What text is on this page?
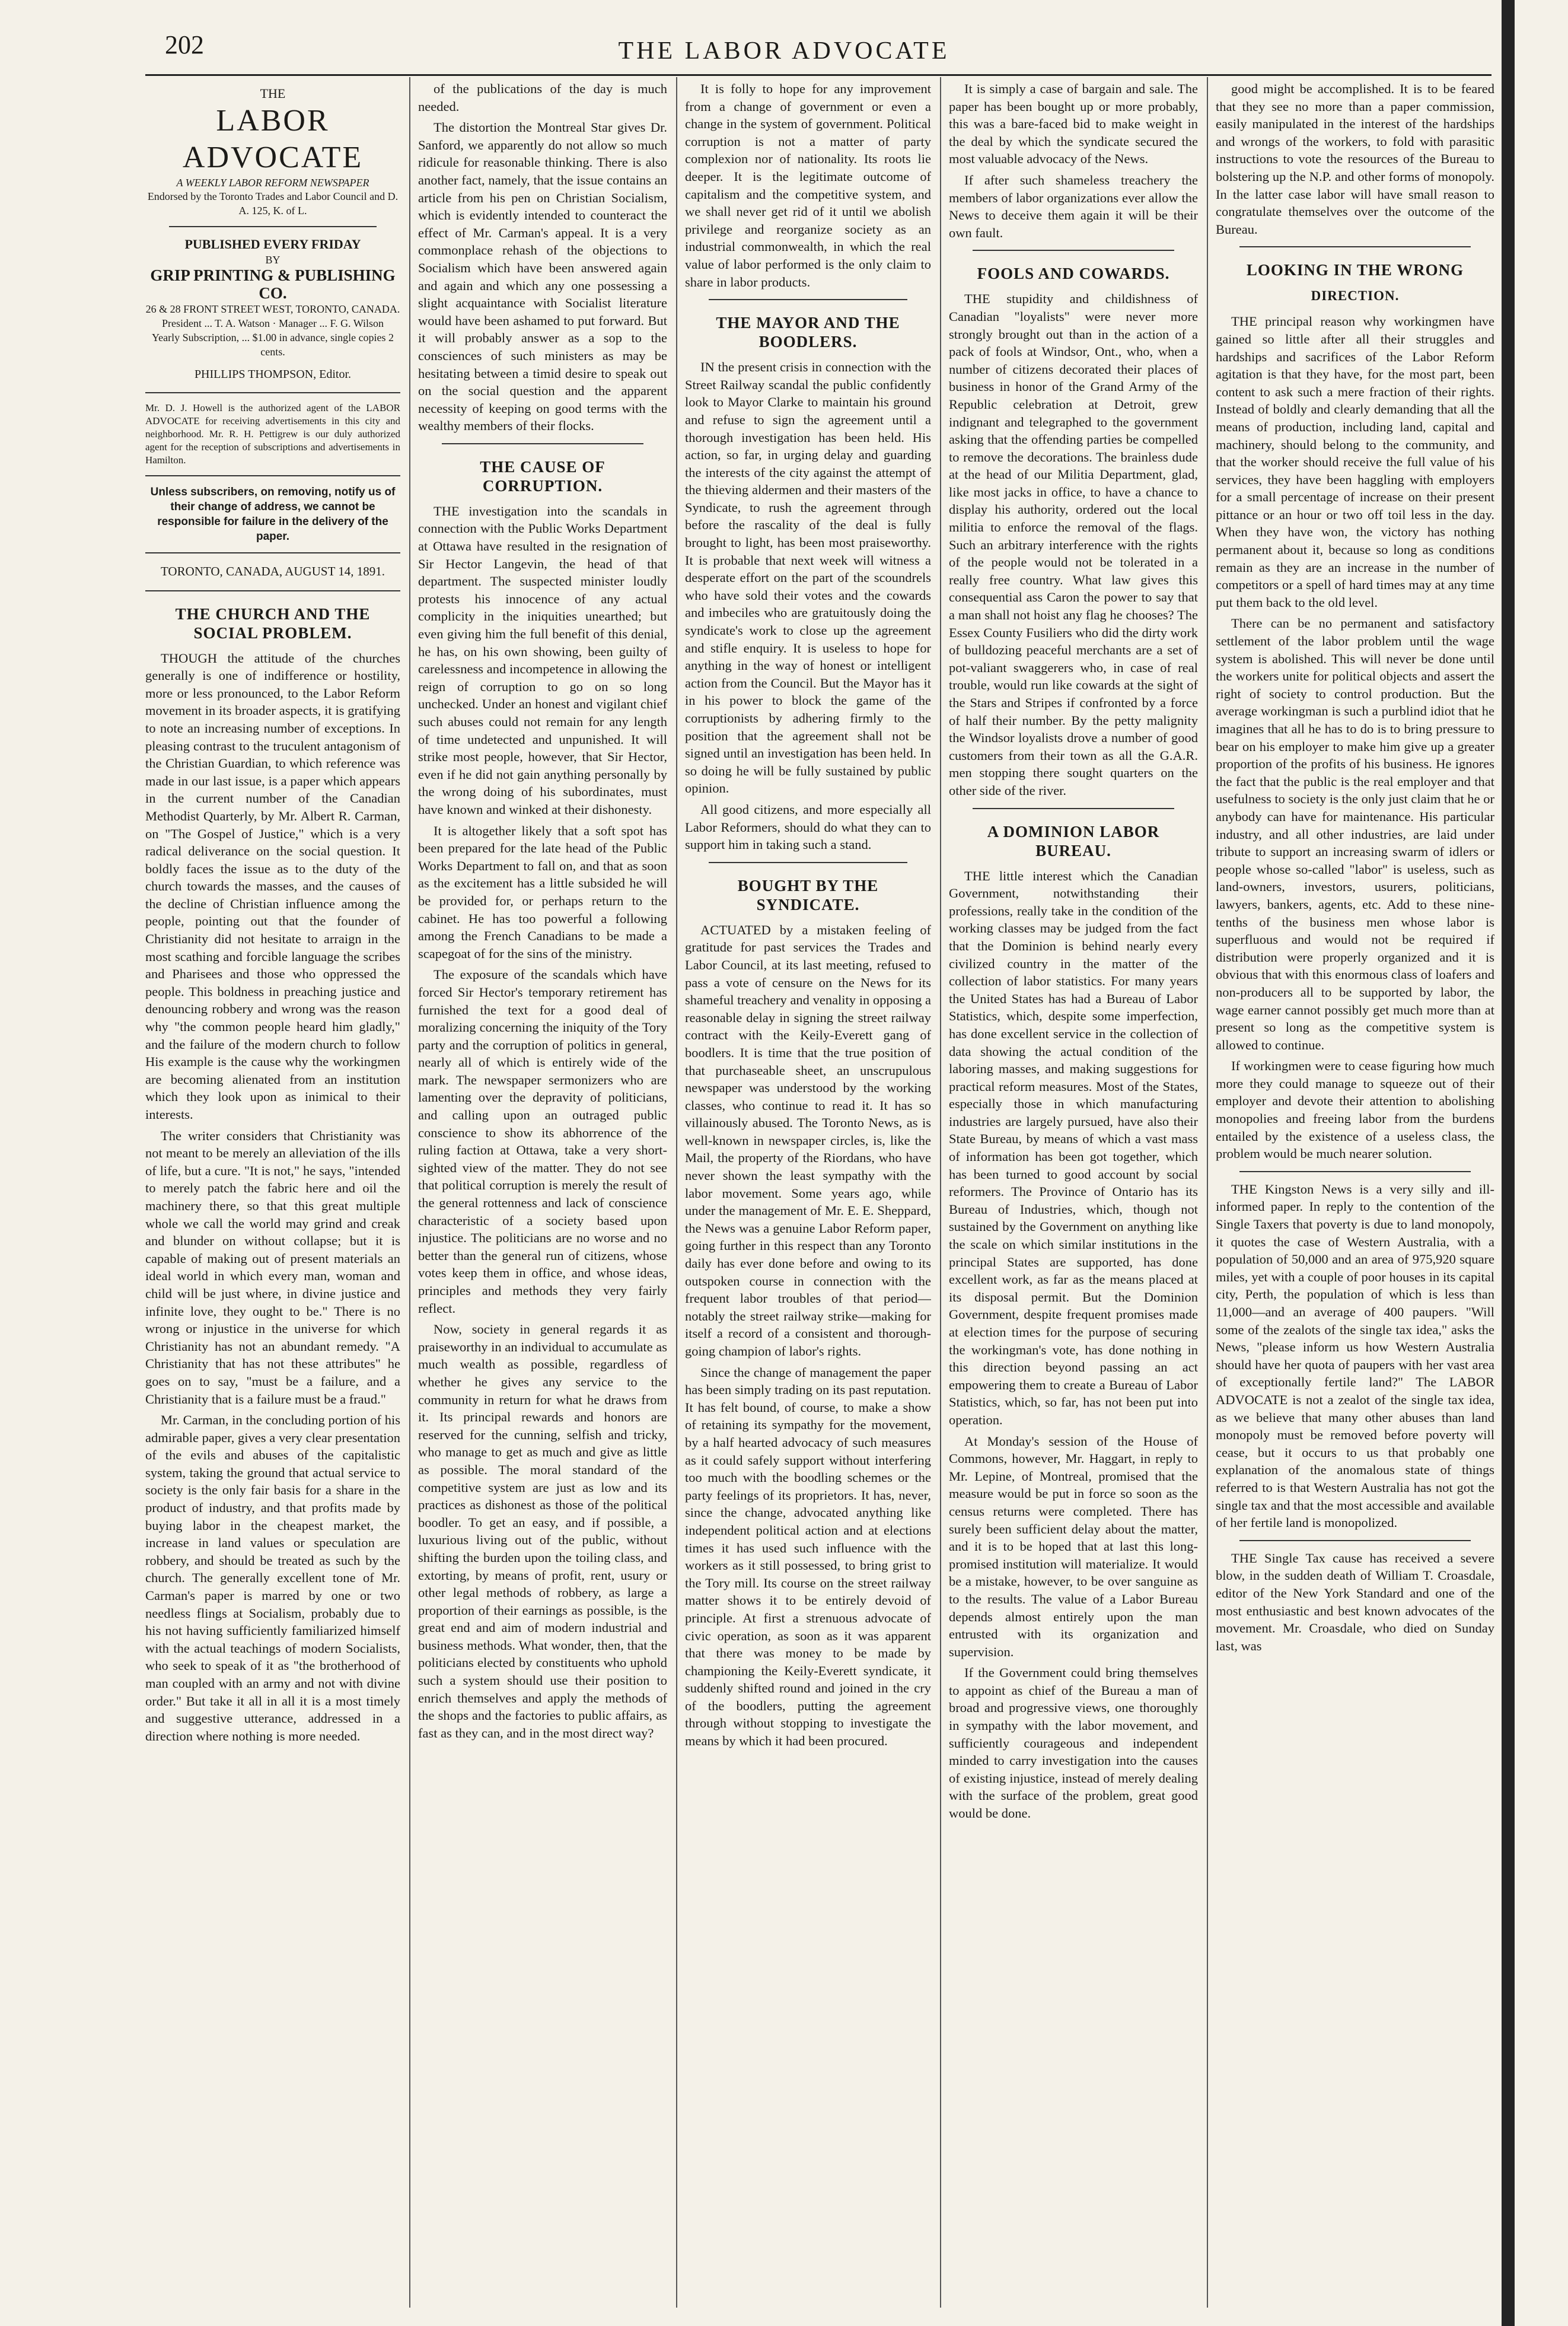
202	THE LABOR ADVOCATE
THE
LABOR ADVOCATE
A WEEKLY LABOR REFORM NEWSPAPER
Endorsed by the Toronto Trades and Labor Council and D. A. 125, K. of L.
PUBLISHED EVERY FRIDAY
BY
GRIP PRINTING & PUBLISHING CO.
26 & 28 FRONT STREET WEST, TORONTO, CANADA.
President ... T. A. Watson · Manager ... F. G. Wilson
Yearly Subscription, ... $1.00 in advance, single copies 2 cents.
PHILLIPS THOMPSON, Editor.
Mr. D. J. Howell is the authorized agent of the LABOR ADVOCATE for receiving advertisements in this city and neighborhood. Mr. R. H. Pettigrew is our duly authorized agent for the reception of subscriptions and advertisements in Hamilton.
Unless subscribers, on removing, notify us of their change of address, we cannot be responsible for failure in the delivery of the paper.
TORONTO, CANADA, AUGUST 14, 1891.
THE CHURCH AND THE SOCIAL PROBLEM.

THOUGH the attitude of the churches generally is one of indifference or hostility, more or less pronounced, to the Labor Reform movement in its broader aspects, it is gratifying to note an increasing number of exceptions. In pleasing contrast to the truculent antagonism of the Christian Guardian, to which reference was made in our last issue, is a paper which appears in the current number of the Canadian Methodist Quarterly, by Mr. Albert R. Carman, on "The Gospel of Justice," which is a very radical deliverance on the social question. It boldly faces the issue as to the duty of the church towards the masses, and the causes of the decline of Christian influence among the people, pointing out that the founder of Christianity did not hesitate to arraign in the most scathing and forcible language the scribes and Pharisees and those who oppressed the people. This boldness in preaching justice and denouncing robbery and wrong was the reason why "the common people heard him gladly," and the failure of the modern church to follow His example is the cause why the workingmen are becoming alienated from an institution which they look upon as inimical to their interests.

The writer considers that Christianity was not meant to be merely an alleviation of the ills of life, but a cure. "It is not," he says, "intended to merely patch the fabric here and oil the machinery there, so that this great multiple whole we call the world may grind and creak and blunder on without collapse; but it is capable of making out of present materials an ideal world in which every man, woman and child will be just where, in divine justice and infinite love, they ought to be." There is no wrong or injustice in the universe for which Christianity has not an abundant remedy. "A Christianity that has not these attributes" he goes on to say, "must be a failure, and a Christianity that is a failure must be a fraud."

Mr. Carman, in the concluding portion of his admirable paper, gives a very clear presentation of the evils and abuses of the capitalistic system, taking the ground that actual service to society is the only fair basis for a share in the product of industry, and that profits made by buying labor in the cheapest market, the increase in land values or speculation are robbery, and should be treated as such by the church. The generally excellent tone of Mr. Carman's paper is marred by one or two needless flings at Socialism, probably due to his not having sufficiently familiarized himself with the actual teachings of modern Socialists, who seek to speak of it as "the brotherhood of man coupled with an army and not with divine order." But take it all in all it is a most timely and suggestive utterance, addressed in a direction where nothing is more needed.

of the publications of the day is much needed.

The distortion the Montreal Star gives Dr. Sanford, we apparently do not allow so much ridicule for reasonable thinking. There is also another fact, namely, that the issue contains an article from his pen on Christian Socialism, which is evidently intended to counteract the effect of Mr. Carman's appeal. It is a very commonplace rehash of the objections to Socialism which have been answered again and again and which any one possessing a slight acquaintance with Socialist literature would have been ashamed to put forward. But it will probably answer as a sop to the consciences of such ministers as may be hesitating between a timid desire to speak out on the social question and the apparent necessity of keeping on good terms with the wealthy members of their flocks.

THE CAUSE OF CORRUPTION.

THE investigation into the scandals in connection with the Public Works Department at Ottawa have resulted in the resignation of Sir Hector Langevin, the head of that department. The suspected minister loudly protests his innocence of any actual complicity in the iniquities unearthed; but even giving him the full benefit of this denial, he has, on his own showing, been guilty of carelessness and incompetence in allowing the reign of corruption to go on so long unchecked. Under an honest and vigilant chief such abuses could not remain for any length of time undetected and unpunished. It will strike most people, however, that Sir Hector, even if he did not gain anything personally by the wrong doing of his subordinates, must have known and winked at their dishonesty.

It is altogether likely that a soft spot has been prepared for the late head of the Public Works Department to fall on, and that as soon as the excitement has a little subsided he will be provided for, or perhaps return to the cabinet. He has too powerful a following among the French Canadians to be made a scapegoat of for the sins of the ministry.

The exposure of the scandals which have forced Sir Hector's temporary retirement has furnished the text for a good deal of moralizing concerning the iniquity of the Tory party and the corruption of politics in general, nearly all of which is entirely wide of the mark. The newspaper sermonizers who are lamenting over the depravity of politicians, and calling upon an outraged public conscience to show its abhorrence of the ruling faction at Ottawa, take a very short-sighted view of the matter. They do not see that political corruption is merely the result of the general rottenness and lack of conscience characteristic of a society based upon injustice. The politicians are no worse and no better than the general run of citizens, whose votes keep them in office, and whose ideas, principles and methods they very fairly reflect.

Now, society in general regards it as praiseworthy in an individual to accumulate as much wealth as possible, regardless of whether he gives any service to the community in return for what he draws from it. Its principal rewards and honors are reserved for the cunning, selfish and tricky, who manage to get as much and give as little as possible. The moral standard of the competitive system are just as low and its practices as dishonest as those of the political boodler. To get an easy, and if possible, a luxurious living out of the public, without shifting the burden upon the toiling class, and extorting, by means of profit, rent, usury or other legal methods of robbery, as large a proportion of their earnings as possible, is the great end and aim of modern industrial and business methods. What wonder, then, that the politicians elected by constituents who uphold such a system should use their position to enrich themselves and apply the methods of the shops and the factories to public affairs, as fast as they can, and in the most direct way?

It is folly to hope for any improvement from a change of government or even a change in the system of government. Political corruption is not a matter of party complexion nor of nationality. Its roots lie deeper. It is the legitimate outcome of capitalism and the competitive system, and we shall never get rid of it until we abolish privilege and reorganize society as an industrial commonwealth, in which the real value of labor performed is the only claim to share in labor products.

THE MAYOR AND THE BOODLERS.

IN the present crisis in connection with the Street Railway scandal the public confidently look to Mayor Clarke to maintain his ground and refuse to sign the agreement until a thorough investigation has been held. His action, so far, in urging delay and guarding the interests of the city against the attempt of the thieving aldermen and their masters of the Syndicate, to rush the agreement through before the rascality of the deal is fully brought to light, has been most praiseworthy. It is probable that next week will witness a desperate effort on the part of the scoundrels who have sold their votes and the cowards and imbeciles who are gratuitously doing the syndicate's work to close up the agreement and stifle enquiry. It is useless to hope for anything in the way of honest or intelligent action from the Council. But the Mayor has it in his power to block the game of the corruptionists by adhering firmly to the position that the agreement shall not be signed until an investigation has been held. In so doing he will be fully sustained by public opinion.

All good citizens, and more especially all Labor Reformers, should do what they can to support him in taking such a stand.

BOUGHT BY THE SYNDICATE.

ACTUATED by a mistaken feeling of gratitude for past services the Trades and Labor Council, at its last meeting, refused to pass a vote of censure on the News for its shameful treachery and venality in opposing a reasonable delay in signing the street railway contract with the Keily-Everett gang of boodlers. It is time that the true position of that purchaseable sheet, an unscrupulous newspaper was understood by the working classes, who continue to read it. It has so villainously abused. The Toronto News, as is well-known in newspaper circles, is, like the Mail, the property of the Riordans, who have never shown the least sympathy with the labor movement. Some years ago, while under the management of Mr. E. E. Sheppard, the News was a genuine Labor Reform paper, going further in this respect than any Toronto daily has ever done before and owing to its outspoken course in connection with the frequent labor troubles of that period—notably the street railway strike—making for itself a record of a consistent and thorough-going champion of labor's rights.

Since the change of management the paper has been simply trading on its past reputation. It has felt bound, of course, to make a show of retaining its sympathy for the movement, by a half hearted advocacy of such measures as it could safely support without interfering too much with the boodling schemes or the party feelings of its proprietors. It has, never, since the change, advocated anything like independent political action and at elections times it has used such influence with the workers as it still possessed, to bring grist to the Tory mill. Its course on the street railway matter shows it to be entirely devoid of principle. At first a strenuous advocate of civic operation, as soon as it was apparent that there was money to be made by championing the Keily-Everett syndicate, it suddenly shifted round and joined in the cry of the boodlers, putting the agreement through without stopping to investigate the means by which it had been procured.

It is simply a case of bargain and sale. The paper has been bought up or more probably, this was a bare-faced bid to make weight in the deal by which the syndicate secured the most valuable advocacy of the News.

If after such shameless treachery the members of labor organizations ever allow the News to deceive them again it will be their own fault.

FOOLS AND COWARDS.

THE stupidity and childishness of Canadian "loyalists" were never more strongly brought out than in the action of a pack of fools at Windsor, Ont., who, when a number of citizens decorated their places of business in honor of the Grand Army of the Republic celebration at Detroit, grew indignant and telegraphed to the government asking that the offending parties be compelled to remove the decorations. The brainless dude at the head of our Militia Department, glad, like most jacks in office, to have a chance to display his authority, ordered out the local militia to enforce the removal of the flags. Such an arbitrary interference with the rights of the people would not be tolerated in a really free country. What law gives this consequential ass Caron the power to say that a man shall not hoist any flag he chooses? The Essex County Fusiliers who did the dirty work of bulldozing peaceful merchants are a set of pot-valiant swaggerers who, in case of real trouble, would run like cowards at the sight of the Stars and Stripes if confronted by a force of half their number. By the petty malignity the Windsor loyalists drove a number of good customers from their town as all the G.A.R. men stopping there sought quarters on the other side of the river.

A DOMINION LABOR BUREAU.

THE little interest which the Canadian Government, notwithstanding their professions, really take in the condition of the working classes may be judged from the fact that the Dominion is behind nearly every civilized country in the matter of the collection of labor statistics. For many years the United States has had a Bureau of Labor Statistics, which, despite some imperfection, has done excellent service in the collection of data showing the actual condition of the laboring masses, and making suggestions for practical reform measures. Most of the States, especially those in which manufacturing industries are largely pursued, have also their State Bureau, by means of which a vast mass of information has been got together, which has been turned to good account by social reformers. The Province of Ontario has its Bureau of Industries, which, though not sustained by the Government on anything like the scale on which similar institutions in the principal States are supported, has done excellent work, as far as the means placed at its disposal permit. But the Dominion Government, despite frequent promises made at election times for the purpose of securing the workingman's vote, has done nothing in this direction beyond passing an act empowering them to create a Bureau of Labor Statistics, which, so far, has not been put into operation.

At Monday's session of the House of Commons, however, Mr. Haggart, in reply to Mr. Lepine, of Montreal, promised that the measure would be put in force so soon as the census returns were completed. There has surely been sufficient delay about the matter, and it is to be hoped that at last this long-promised institution will materialize. It would be a mistake, however, to be over sanguine as to the results. The value of a Labor Bureau depends almost entirely upon the man entrusted with its organization and supervision.

If the Government could bring themselves to appoint as chief of the Bureau a man of broad and progressive views, one thoroughly in sympathy with the labor movement, and sufficiently courageous and independent minded to carry investigation into the causes of existing injustice, instead of merely dealing with the surface of the problem, great good would be done.

good might be accomplished. It is to be feared that they see no more than a paper commission, easily manipulated in the interest of the hardships and wrongs of the workers, to fold with parasitic instructions to vote the resources of the Bureau to bolstering up the N.P. and other forms of monopoly. In the latter case labor will have small reason to congratulate themselves over the outcome of the Bureau.

LOOKING IN THE WRONG
DIRECTION.

THE principal reason why workingmen have gained so little after all their struggles and hardships and sacrifices of the Labor Reform agitation is that they have, for the most part, been content to ask such a mere fraction of their rights. Instead of boldly and clearly demanding that all the means of production, including land, capital and machinery, should belong to the community, and that the worker should receive the full value of his services, they have been haggling with employers for a small percentage of increase on their present pittance or an hour or two off toil less in the day. When they have won, the victory has nothing permanent about it, because so long as conditions remain as they are an increase in the number of competitors or a spell of hard times may at any time put them back to the old level.

There can be no permanent and satisfactory settlement of the labor problem until the wage system is abolished. This will never be done until the workers unite for political objects and assert the right of society to control production. But the average workingman is such a purblind idiot that he imagines that all he has to do is to bring pressure to bear on his employer to make him give up a greater proportion of the profits of his business. He ignores the fact that the public is the real employer and that usefulness to society is the only just claim that he or anybody can have for maintenance. His particular industry, and all other industries, are laid under tribute to support an increasing swarm of idlers or people whose so-called "labor" is useless, such as land-owners, investors, usurers, politicians, lawyers, bankers, agents, etc. Add to these nine-tenths of the business men whose labor is superfluous and would not be required if distribution were properly organized and it is obvious that with this enormous class of loafers and non-producers all to be supported by labor, the wage earner cannot possibly get much more than at present so long as the competitive system is allowed to continue.

If workingmen were to cease figuring how much more they could manage to squeeze out of their employer and devote their attention to abolishing monopolies and freeing labor from the burdens entailed by the existence of a useless class, the problem would be much nearer solution.

THE Kingston News is a very silly and ill-informed paper. In reply to the contention of the Single Taxers that poverty is due to land monopoly, it quotes the case of Western Australia, with a population of 50,000 and an area of 975,920 square miles, yet with a couple of poor houses in its capital city, Perth, the population of which is less than 11,000—and an average of 400 paupers. "Will some of the zealots of the single tax idea," asks the News, "please inform us how Western Australia should have her quota of paupers with her vast area of exceptionally fertile land?" The LABOR ADVOCATE is not a zealot of the single tax idea, as we believe that many other abuses than land monopoly must be removed before poverty will cease, but it occurs to us that probably one explanation of the anomalous state of things referred to is that Western Australia has not got the single tax and that the most accessible and available of her fertile land is monopolized.

THE Single Tax cause has received a severe blow, in the sudden death of William T. Croasdale, editor of the New York Standard and one of the most enthusiastic and best known advocates of the movement. Mr. Croasdale, who died on Sunday last, was
